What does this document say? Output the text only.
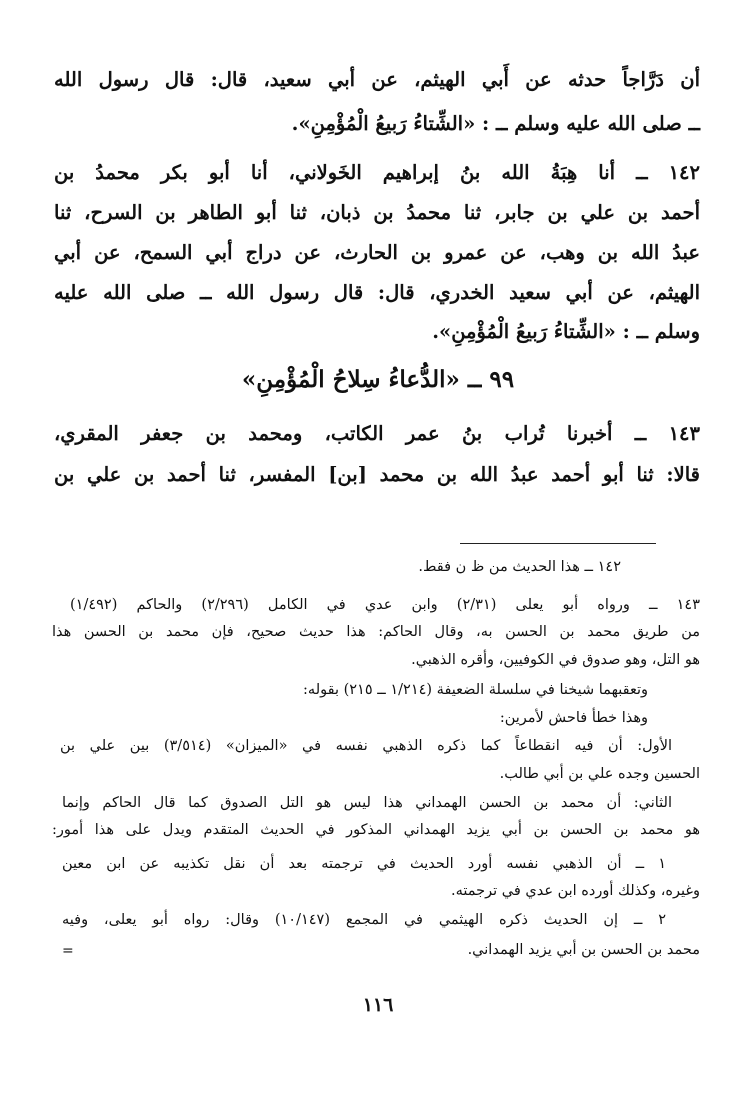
أن دَرَّاجاً حدثه عن أَبي الهيثم، عن أبي سعيد، قال: قال رسول الله
ــ صلى الله عليه وسلم ــ : «الشِّتاءُ رَبيعُ الْمُؤْمِنِ».
١٤٢ ــ أنا هِبَةُ الله بنُ إبراهيم الخَولاني، أنا أبو بكر محمدُ بن
أحمد بن علي بن جابر، ثنا محمدُ بن ذبان، ثنا أبو الطاهر بن السرح، ثنا
عبدُ الله بن وهب، عن عمرو بن الحارث، عن دراج أبي السمح، عن أبي
الهيثم، عن أبي سعيد الخدري، قال: قال رسول الله ــ صلى الله عليه
وسلم ــ : «الشِّتاءُ رَبيعُ الْمُؤْمِنِ».
٩٩ ــ «الدُّعاءُ سِلاحُ الْمُؤْمِنِ»
١٤٣ ــ أخبرنا تُراب بنُ عمر الكاتب، ومحمد بن جعفر المقري،
قالا: ثنا أبو أحمد عبدُ الله بن محمد [بن] المفسر، ثنا أحمد بن علي بن
١٤٢ ــ هذا الحديث من ظ ن فقط.
١٤٣ ــ ورواه أبو يعلى (٢/٣١) وابن عدي في الكامل (٢/٢٩٦) والحاكم (١/٤٩٢)
من طريق محمد بن الحسن به، وقال الحاكم: هذا حديث صحيح، فإن محمد بن الحسن هذا
هو التل، وهو صدوق في الكوفيين، وأقره الذهبي.
وتعقبهما شيخنا في سلسلة الضعيفة (١/٢١٤ ــ ٢١٥) بقوله:
وهذا خطأ فاحش لأمرين:
الأول: أن فيه انقطاعاً كما ذكره الذهبي نفسه في «الميزان» (٣/٥١٤) بين علي بن
الحسين وجده علي بن أبي طالب.
الثاني: أن محمد بن الحسن الهمداني هذا ليس هو التل الصدوق كما قال الحاكم وإنما
هو محمد بن الحسن بن أبي يزيد الهمداني المذكور في الحديث المتقدم ويدل على هذا أمور:
١ ــ أن الذهبي نفسه أورد الحديث في ترجمته بعد أن نقل تكذيبه عن ابن معين
وغيره، وكذلك أورده ابن عدي في ترجمته.
٢ ــ إن الحديث ذكره الهيثمي في المجمع (١٠/١٤٧) وقال: رواه أبو يعلى، وفيه
محمد بن الحسن بن أبي يزيد الهمداني.
=
١١٦
